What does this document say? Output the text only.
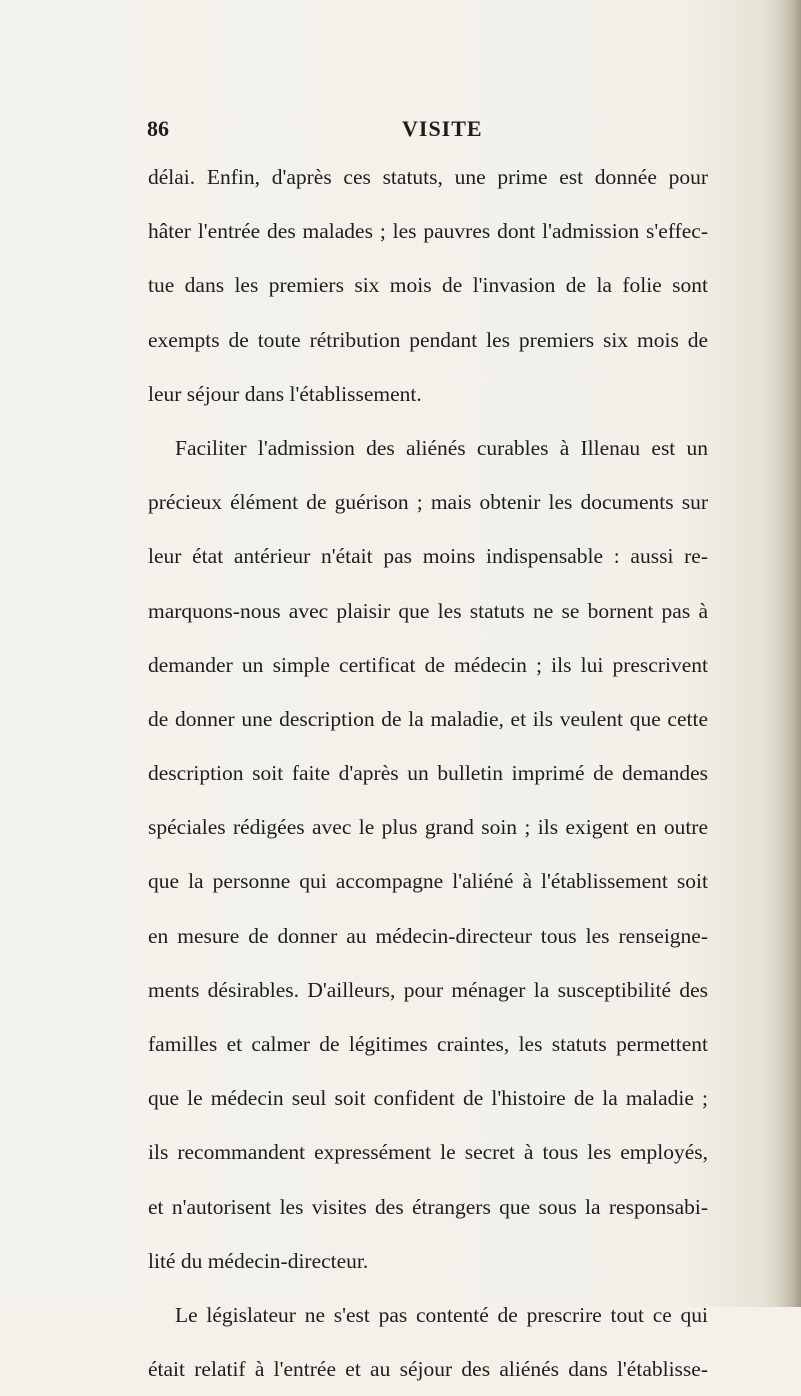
86	VISITE
délai. Enfin, d'après ces statuts, une prime est donnée pour
hâter l'entrée des malades ; les pauvres dont l'admission s'effec-
tue dans les premiers six mois de l'invasion de la folie sont
exempts de toute rétribution pendant les premiers six mois de
leur séjour dans l'établissement.
Faciliter l'admission des aliénés curables à Illenau est un
précieux élément de guérison ; mais obtenir les documents sur
leur état antérieur n'était pas moins indispensable : aussi re-
marquons-nous avec plaisir que les statuts ne se bornent pas à
demander un simple certificat de médecin ; ils lui prescrivent
de donner une description de la maladie, et ils veulent que cette
description soit faite d'après un bulletin imprimé de demandes
spéciales rédigées avec le plus grand soin ; ils exigent en outre
que la personne qui accompagne l'aliéné à l'établissement soit
en mesure de donner au médecin-directeur tous les renseigne-
ments désirables. D'ailleurs, pour ménager la susceptibilité des
familles et calmer de légitimes craintes, les statuts permettent
que le médecin seul soit confident de l'histoire de la maladie ;
ils recommandent expressément le secret à tous les employés,
et n'autorisent les visites des étrangers que sous la responsabi-
lité du médecin-directeur.
Le législateur ne s'est pas contenté de prescrire tout ce qui
était relatif à l'entrée et au séjour des aliénés dans l'établisse-
